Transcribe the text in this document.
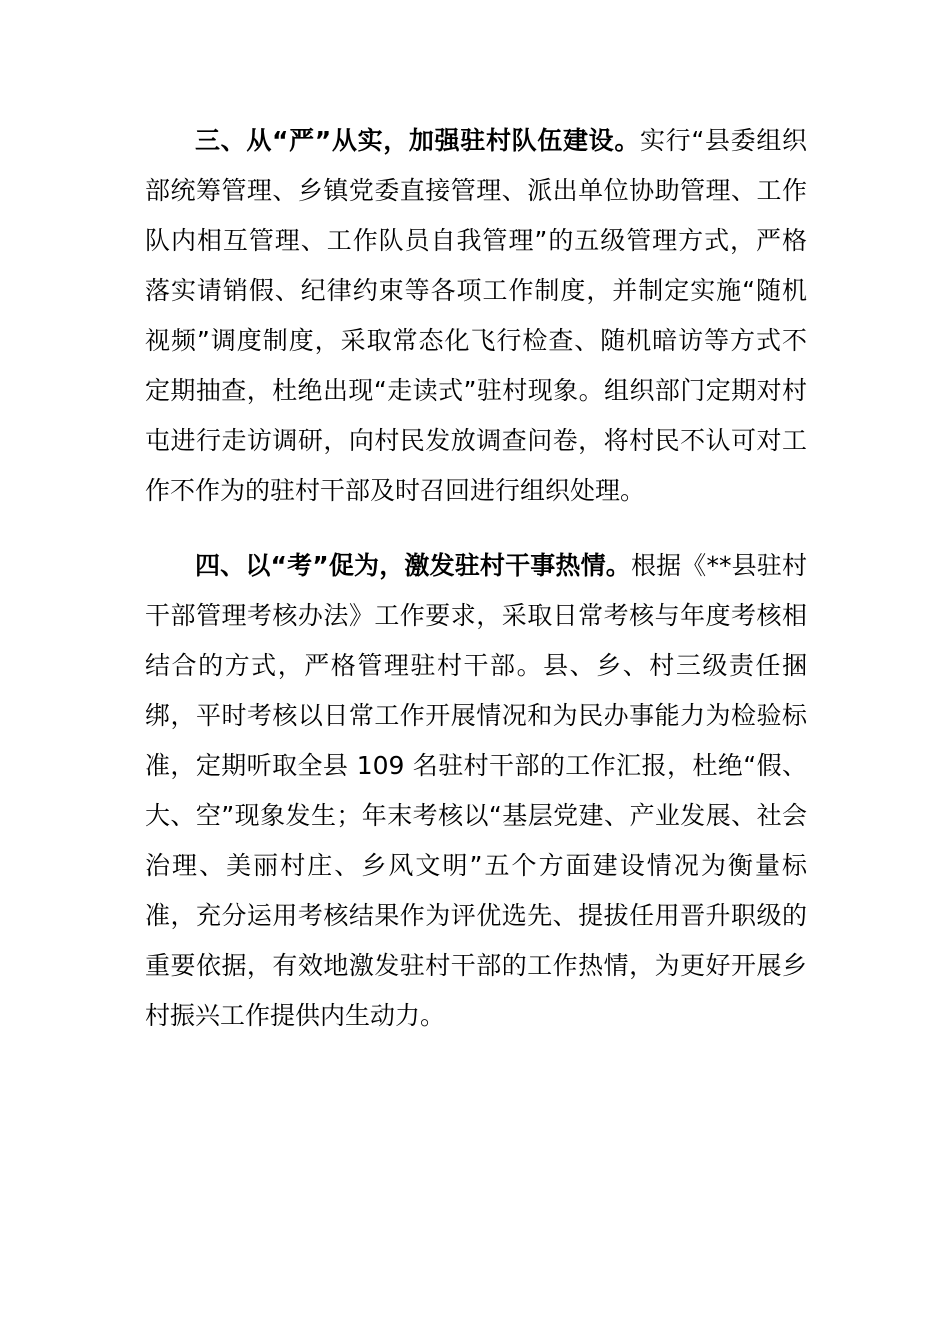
三、从“严”从实，加强驻村队伍建设。实行“县委组织部统筹管理、乡镇党委直接管理、派出单位协助管理、工作队内相互管理、工作队员自我管理”的五级管理方式，严格落实请销假、纪律约束等各项工作制度，并制定实施“随机视频”调度制度，采取常态化飞行检查、随机暗访等方式不定期抽查，杜绝出现“走读式”驻村现象。组织部门定期对村屯进行走访调研，向村民发放调查问卷，将村民不认可对工作不作为的驻村干部及时召回进行组织处理。

四、以“考”促为，激发驻村干事热情。根据《**县驻村干部管理考核办法》工作要求，采取日常考核与年度考核相结合的方式，严格管理驻村干部。县、乡、村三级责任捆绑，平时考核以日常工作开展情况和为民办事能力为检验标准，定期听取全县 109 名驻村干部的工作汇报，杜绝“假、大、空”现象发生；年末考核以“基层党建、产业发展、社会治理、美丽村庄、乡风文明”五个方面建设情况为衡量标准，充分运用考核结果作为评优选先、提拔任用晋升职级的重要依据，有效地激发驻村干部的工作热情，为更好开展乡村振兴工作提供内生动力。
